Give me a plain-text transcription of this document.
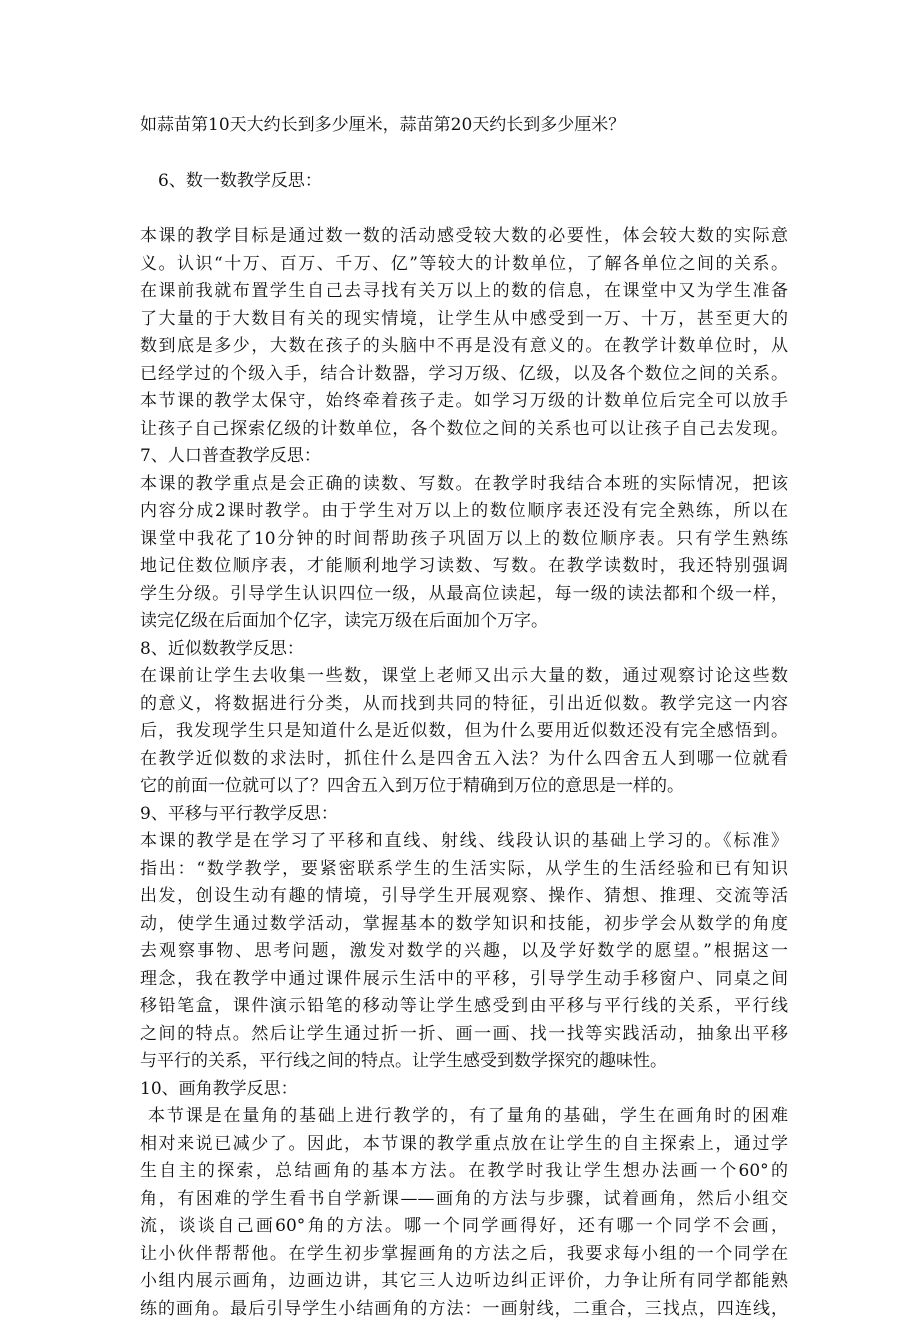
如蒜苗第10天大约长到多少厘米，蒜苗第20天约长到多少厘米？
6、数一数教学反思：
本课的教学目标是通过数一数的活动感受较大数的必要性，体会较大数的实际意
义。认识“十万、百万、千万、亿”等较大的计数单位，了解各单位之间的关系。
在课前我就布置学生自己去寻找有关万以上的数的信息，在课堂中又为学生准备
了大量的于大数目有关的现实情境，让学生从中感受到一万、十万，甚至更大的
数到底是多少，大数在孩子的头脑中不再是没有意义的。在教学计数单位时，从
已经学过的个级入手，结合计数器，学习万级、亿级，以及各个数位之间的关系。
本节课的教学太保守，始终牵着孩子走。如学习万级的计数单位后完全可以放手
让孩子自己探索亿级的计数单位，各个数位之间的关系也可以让孩子自己去发现。
7、人口普查教学反思：
本课的教学重点是会正确的读数、写数。在教学时我结合本班的实际情况，把该
内容分成2课时教学。由于学生对万以上的数位顺序表还没有完全熟练，所以在
课堂中我花了10分钟的时间帮助孩子巩固万以上的数位顺序表。只有学生熟练
地记住数位顺序表，才能顺利地学习读数、写数。在教学读数时，我还特别强调
学生分级。引导学生认识四位一级，从最高位读起，每一级的读法都和个级一样，
读完亿级在后面加个亿字，读完万级在后面加个万字。
8、近似数教学反思：
在课前让学生去收集一些数，课堂上老师又出示大量的数，通过观察讨论这些数
的意义，将数据进行分类，从而找到共同的特征，引出近似数。教学完这一内容
后，我发现学生只是知道什么是近似数，但为什么要用近似数还没有完全感悟到。
在教学近似数的求法时，抓住什么是四舍五入法？为什么四舍五人到哪一位就看
它的前面一位就可以了？四舍五入到万位于精确到万位的意思是一样的。
9、平移与平行教学反思：
本课的教学是在学习了平移和直线、射线、线段认识的基础上学习的。《标准》
指出：“数学教学，要紧密联系学生的生活实际，从学生的生活经验和已有知识
出发，创设生动有趣的情境，引导学生开展观察、操作、猜想、推理、交流等活
动，使学生通过数学活动，掌握基本的数学知识和技能，初步学会从数学的角度
去观察事物、思考问题，激发对数学的兴趣，以及学好数学的愿望。”根据这一
理念，我在教学中通过课件展示生活中的平移，引导学生动手移窗户、同桌之间
移铅笔盒，课件演示铅笔的移动等让学生感受到由平移与平行线的关系，平行线
之间的特点。然后让学生通过折一折、画一画、找一找等实践活动，抽象出平移
与平行的关系，平行线之间的特点。让学生感受到数学探究的趣味性。
10、画角教学反思：
本节课是在量角的基础上进行教学的，有了量角的基础，学生在画角时的困难
相对来说已减少了。因此，本节课的教学重点放在让学生的自主探索上，通过学
生自主的探索，总结画角的基本方法。在教学时我让学生想办法画一个60°的
角，有困难的学生看书自学新课——画角的方法与步骤，试着画角，然后小组交
流，谈谈自己画60°角的方法。哪一个同学画得好，还有哪一个同学不会画，
让小伙伴帮帮他。在学生初步掌握画角的方法之后，我要求每小组的一个同学在
小组内展示画角，边画边讲，其它三人边听边纠正评价，力争让所有同学都能熟
练的画角。最后引导学生小结画角的方法：一画射线，二重合，三找点，四连线，
